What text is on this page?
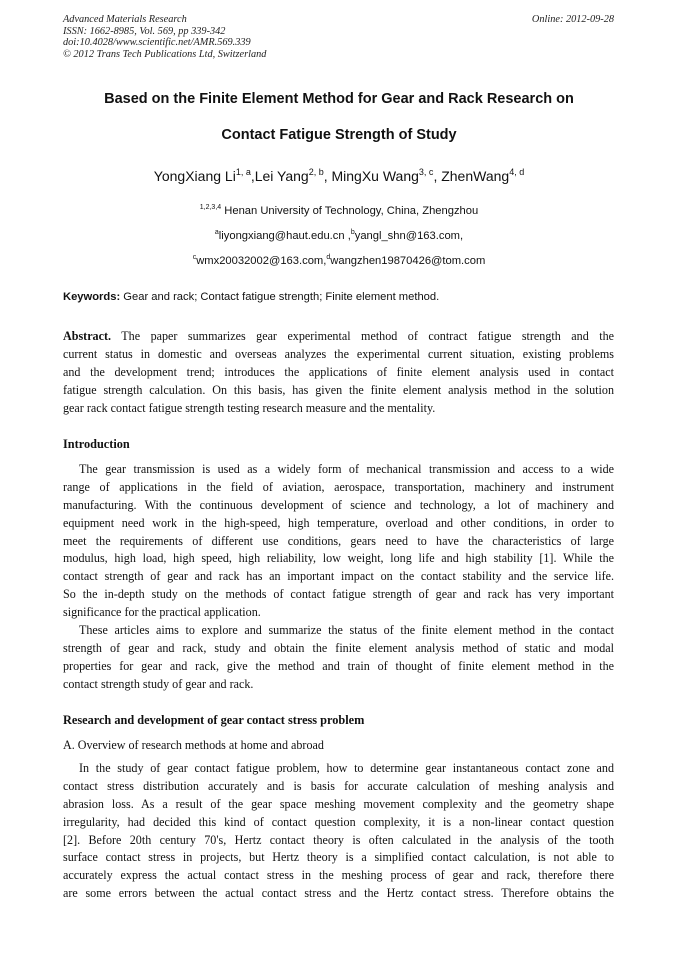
Advanced Materials Research
ISSN: 1662-8985, Vol. 569, pp 339-342
doi:10.4028/www.scientific.net/AMR.569.339
© 2012 Trans Tech Publications Ltd, Switzerland
Online: 2012-09-28
Based on the Finite Element Method for Gear and Rack Research on
Contact Fatigue Strength of Study
YongXiang Li$^{1, a}$,Lei Yang$^{2, b}$, MingXu Wang$^{3, c}$, ZhenWang$^{4, d}$
$^{1,2,3,4}$ Henan University of Technology, China, Zhengzhou
$^a$liyongxiang@haut.edu.cn ,$^b$yangl_shn@163.com,
$^c$wmx20032002@163.com,$^d$wangzhen19870426@tom.com
Keywords: Gear and rack; Contact fatigue strength; Finite element method.
Abstract. The paper summarizes gear experimental method of contract fatigue strength and the
current status in domestic and overseas analyzes the experimental current situation, existing problems
and the development trend; introduces the applications of finite element analysis used in contact
fatigue strength calculation. On this basis, has given the finite element analysis method in the solution
gear rack contact fatigue strength testing research measure and the mentality.
Introduction
The gear transmission is used as a widely form of mechanical transmission and access to a wide
range of applications in the field of aviation, aerospace, transportation, machinery and instrument
manufacturing. With the continuous development of science and technology, a lot of machinery and
equipment need work in the high-speed, high temperature, overload and other conditions, in order to
meet the requirements of different use conditions, gears need to have the characteristics of large
modulus, high load, high speed, high reliability, low weight, long life and high stability [1]. While the
contact strength of gear and rack has an important impact on the contact stability and the service life.
So the in-depth study on the methods of contact fatigue strength of gear and rack has very important
significance for the practical application.
These articles aims to explore and summarize the status of the finite element method in the contact
strength of gear and rack, study and obtain the finite element analysis method of static and modal
properties for gear and rack, give the method and train of thought of finite element method in the
contact strength study of gear and rack.
Research and development of gear contact stress problem
A. Overview of research methods at home and abroad
In the study of gear contact fatigue problem, how to determine gear instantaneous contact zone and
contact stress distribution accurately and is basis for accurate calculation of meshing analysis and
abrasion loss. As a result of the gear space meshing movement complexity and the geometry shape
irregularity, had decided this kind of contact question complexity, it is a non-linear contact question
[2]. Before 20th century 70's, Hertz contact theory is often calculated in the analysis of the tooth
surface contact stress in projects, but Hertz theory is a simplified contact calculation, is not able to
accurately express the actual contact stress in the meshing process of gear and rack, therefore there
are some errors between the actual contact stress and the Hertz contact stress. Therefore obtains the
